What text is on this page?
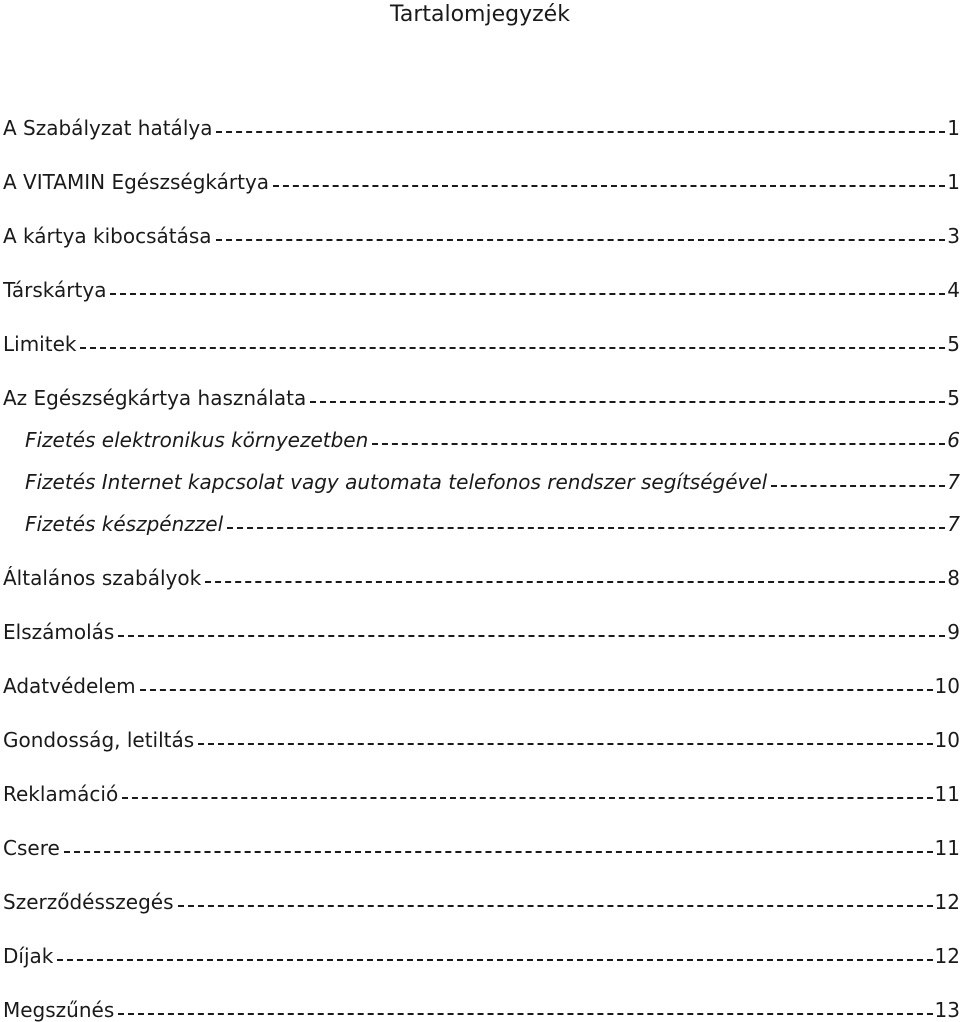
Tartalomjegyzék
A Szabályzat hatálya	1
A VITAMIN Egészségkártya	1
A kártya kibocsátása	3
Társkártya	4
Limitek	5
Az Egészségkártya használata	5
Fizetés elektronikus környezetben	6
Fizetés Internet kapcsolat vagy automata telefonos rendszer segítségével	7
Fizetés készpénzzel	7
Általános szabályok	8
Elszámolás	9
Adatvédelem	10
Gondosság, letiltás	10
Reklamáció	11
Csere	11
Szerződésszegés	12
Díjak	12
Megszűnés	13
